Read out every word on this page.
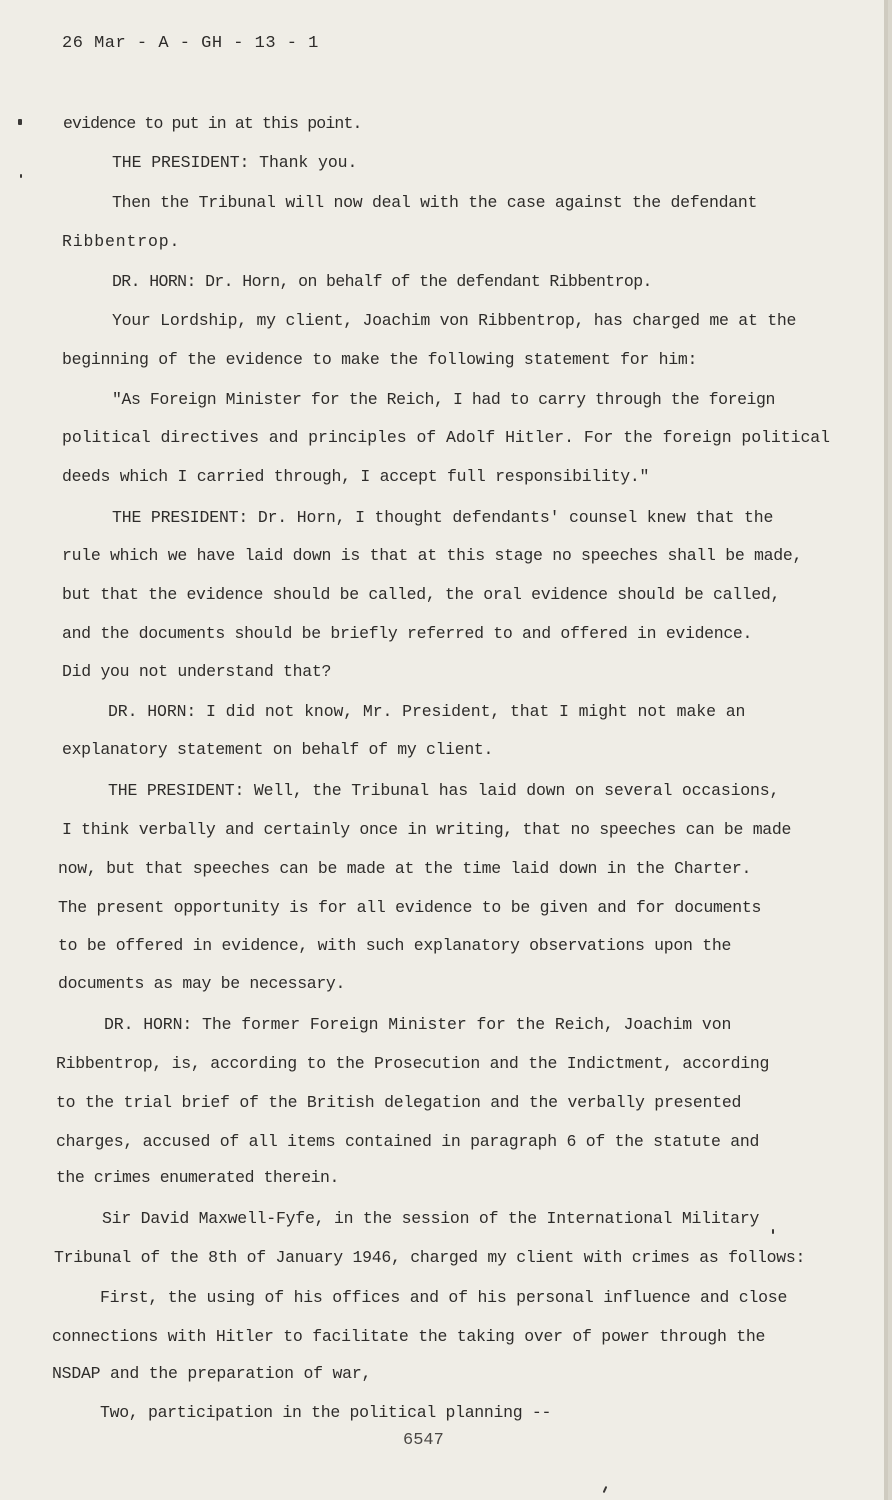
26 Mar - A - GH - 13 - 1
evidence to put in at this point.
THE PRESIDENT: Thank you.
Then the Tribunal will now deal with the case against the defendant
Ribbentrop.
DR. HORN: Dr. Horn, on behalf of the defendant Ribbentrop.
Your Lordship, my client, Joachim von Ribbentrop, has charged me at the
beginning of the evidence to make the following statement for him:
"As Foreign Minister for the Reich, I had to carry through the foreign
political directives and principles of Adolf Hitler. For the foreign political
deeds which I carried through, I accept full responsibility."
THE PRESIDENT: Dr. Horn, I thought defendants' counsel knew that the
rule which we have laid down is that at this stage no speeches shall be made,
but that the evidence should be called, the oral evidence should be called,
and the documents should be briefly referred to and offered in evidence.
Did you not understand that?
DR. HORN: I did not know, Mr. President, that I might not make an
explanatory statement on behalf of my client.
THE PRESIDENT: Well, the Tribunal has laid down on several occasions,
I think verbally and certainly once in writing, that no speeches can be made
now, but that speeches can be made at the time laid down in the Charter.
The present opportunity is for all evidence to be given and for documents
to be offered in evidence, with such explanatory observations upon the
documents as may be necessary.
DR. HORN: The former Foreign Minister for the Reich, Joachim von
Ribbentrop, is, according to the Prosecution and the Indictment, according
to the trial brief of the British delegation and the verbally presented
charges, accused of all items contained in paragraph 6 of the statute and
the crimes enumerated therein.
Sir David Maxwell-Fyfe, in the session of the International Military
Tribunal of the 8th of January 1946, charged my client with crimes as follows:
First, the using of his offices and of his personal influence and close
connections with Hitler to facilitate the taking over of power through the
NSDAP and the preparation of war,
Two, participation in the political planning --
6547
